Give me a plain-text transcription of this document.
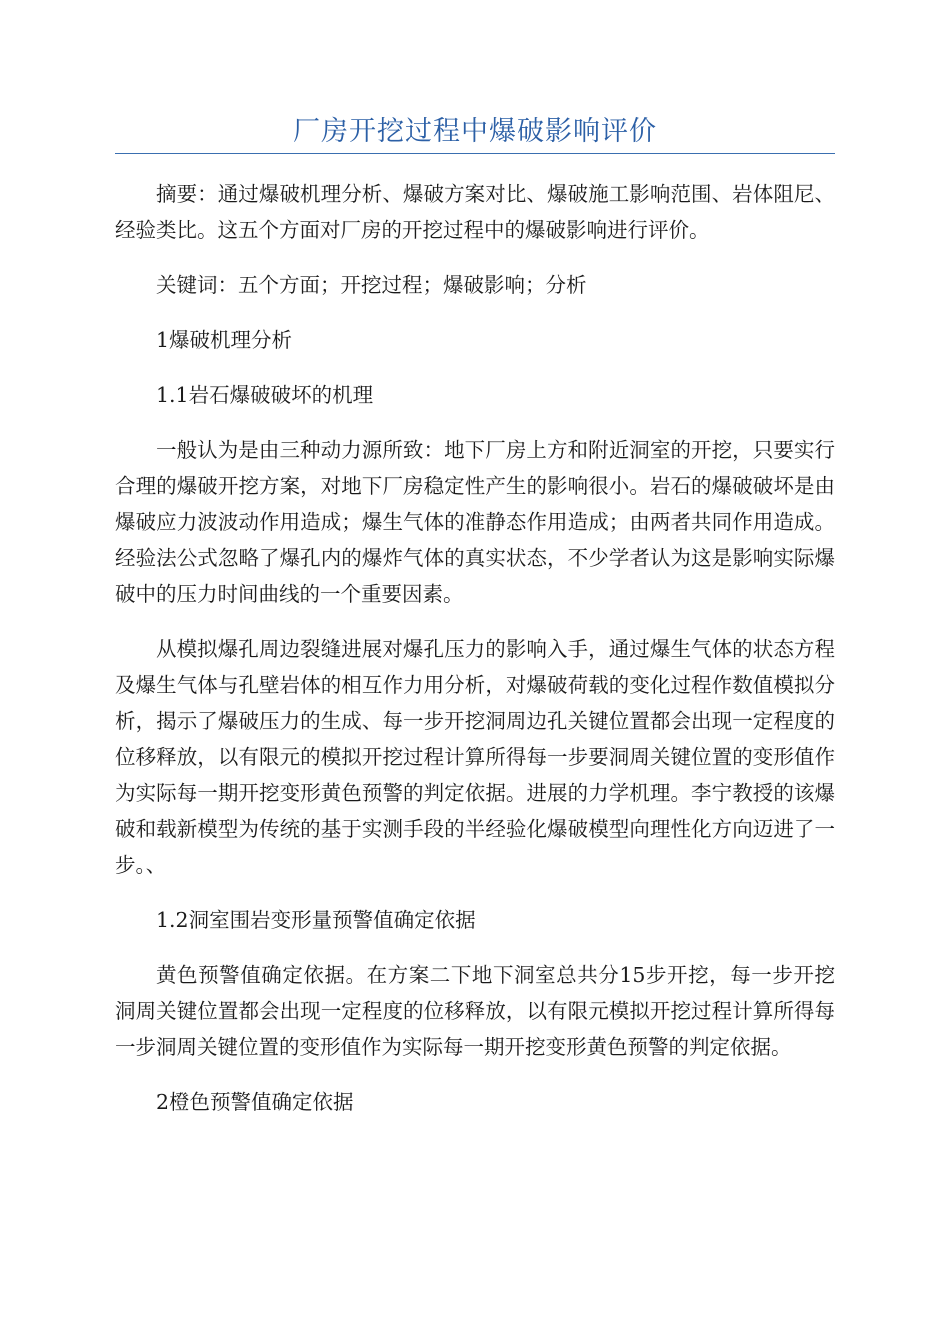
厂房开挖过程中爆破影响评价

摘要：通过爆破机理分析、爆破方案对比、爆破施工影响范围、岩体阻尼、经验类比。这五个方面对厂房的开挖过程中的爆破影响进行评价。

关键词：五个方面；开挖过程；爆破影响；分析

1爆破机理分析

1.1岩石爆破破坏的机理

一般认为是由三种动力源所致：地下厂房上方和附近洞室的开挖，只要实行合理的爆破开挖方案，对地下厂房稳定性产生的影响很小。岩石的爆破破坏是由爆破应力波波动作用造成；爆生气体的准静态作用造成；由两者共同作用造成。经验法公式忽略了爆孔内的爆炸气体的真实状态，不少学者认为这是影响实际爆破中的压力时间曲线的一个重要因素。

从模拟爆孔周边裂缝进展对爆孔压力的影响入手，通过爆生气体的状态方程及爆生气体与孔壁岩体的相互作力用分析，对爆破荷载的变化过程作数值模拟分析，揭示了爆破压力的生成、每一步开挖洞周边孔关键位置都会出现一定程度的位移释放，以有限元的模拟开挖过程计算所得每一步要洞周关键位置的变形值作为实际每一期开挖变形黄色预警的判定依据。进展的力学机理。李宁教授的该爆破和载新模型为传统的基于实测手段的半经验化爆破模型向理性化方向迈进了一步。、

1.2洞室围岩变形量预警值确定依据

黄色预警值确定依据。在方案二下地下洞室总共分15步开挖，每一步开挖洞周关键位置都会出现一定程度的位移释放，以有限元模拟开挖过程计算所得每一步洞周关键位置的变形值作为实际每一期开挖变形黄色预警的判定依据。

2橙色预警值确定依据
